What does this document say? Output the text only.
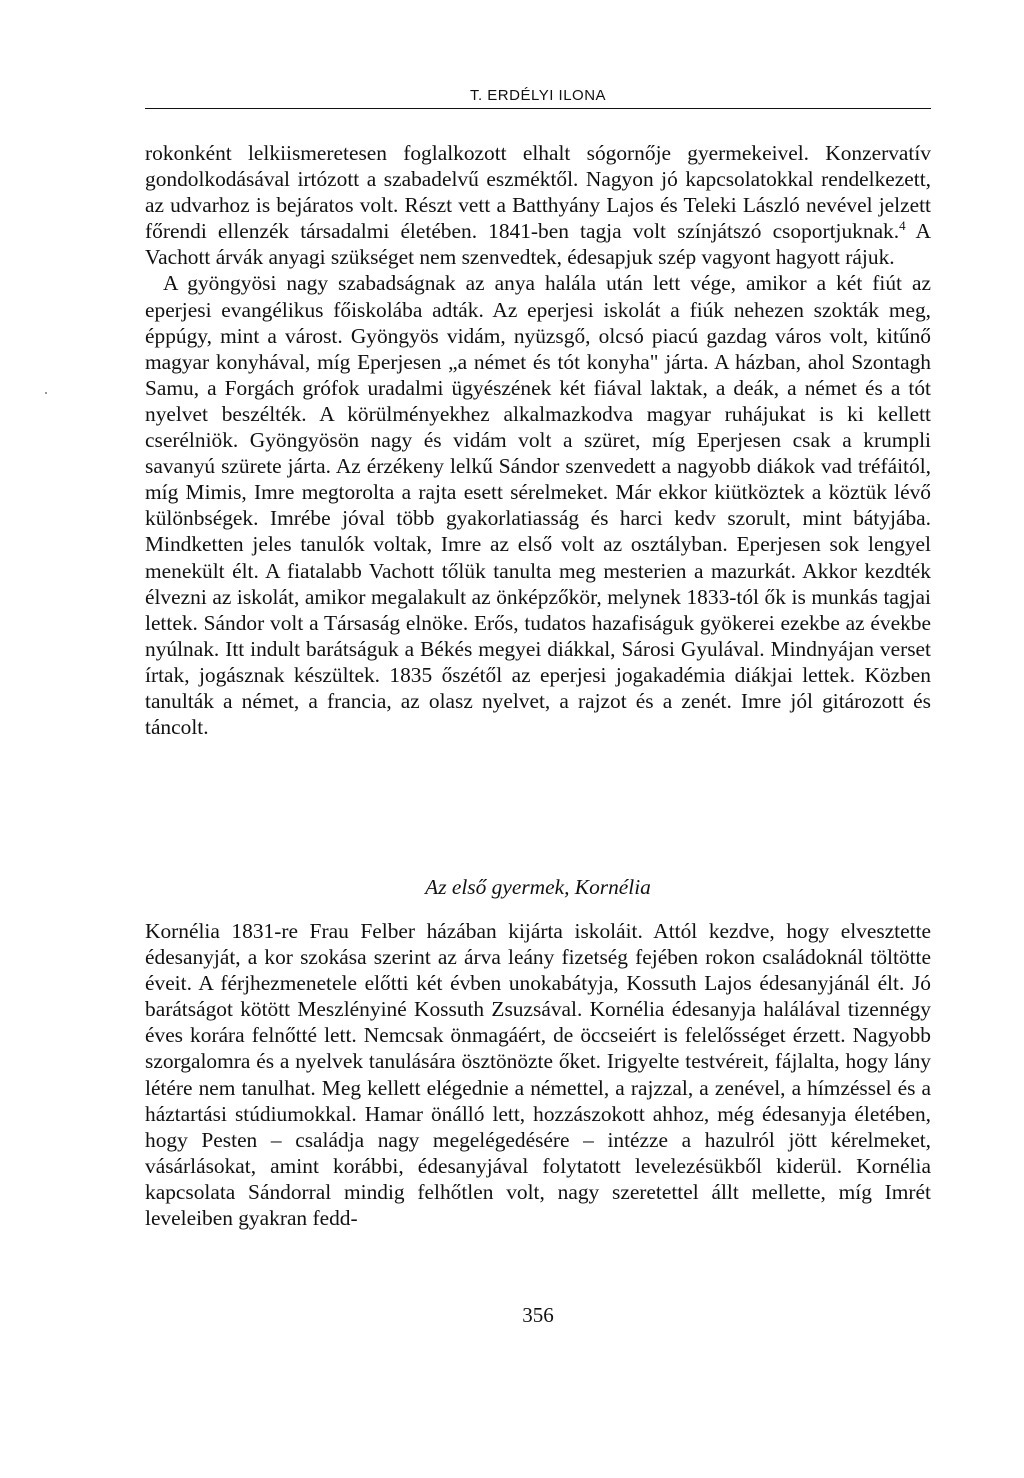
T. ERDÉLYI ILONA

rokonként lelkiismeretesen foglalkozott elhalt sógornője gyermekeivel. Konzervatív gondolkodásával irtózott a szabadelvű eszméktől. Nagyon jó kapcsolatokkal rendelkezett, az udvarhoz is bejáratos volt. Részt vett a Batthyány Lajos és Teleki László nevével jelzett főrendi ellenzék társadalmi életében. 1841-ben tagja volt színjátszó csoportjuknak.$^4$ A Vachott árvák anyagi szükséget nem szenvedtek, édesapjuk szép vagyont hagyott rájuk.

A gyöngyösi nagy szabadságnak az anya halála után lett vége, amikor a két fiút az eperjesi evangélikus főiskolába adták. Az eperjesi iskolát a fiúk nehezen szokták meg, éppúgy, mint a várost. Gyöngyös vidám, nyüzsgő, olcsó piacú gazdag város volt, kitűnő magyar konyhával, míg Eperjesen „a német és tót konyha" járta. A házban, ahol Szontagh Samu, a Forgách grófok uradalmi ügyészének két fiával laktak, a deák, a német és a tót nyelvet beszélték. A körülményekhez alkalmazkodva magyar ruhájukat is ki kellett cserélniök. Gyöngyösön nagy és vidám volt a szüret, míg Eperjesen csak a krumpli savanyú szürete járta. Az érzékeny lelkű Sándor szenvedett a nagyobb diákok vad tréfáitól, míg Mimis, Imre megtorolta a rajta esett sérelmeket. Már ekkor kiütköztek a köztük lévő különbségek. Imrébe jóval több gyakorlatiasság és harci kedv szorult, mint bátyjába. Mindketten jeles tanulók voltak, Imre az első volt az osztályban. Eperjesen sok lengyel menekült élt. A fiatalabb Vachott tőlük tanulta meg mesterien a mazurkát. Akkor kezdték élvezni az iskolát, amikor megalakult az önképzőkör, melynek 1833-tól ők is munkás tagjai lettek. Sándor volt a Társaság elnöke. Erős, tudatos hazafiságuk gyökerei ezekbe az évekbe nyúlnak. Itt indult barátságuk a Békés megyei diákkal, Sárosi Gyulával. Mindnyájan verset írtak, jogásznak készültek. 1835 őszétől az eperjesi jogakadémia diákjai lettek. Közben tanulták a német, a francia, az olasz nyelvet, a rajzot és a zenét. Imre jól gitározott és táncolt.

Az első gyermek, Kornélia

Kornélia 1831-re Frau Felber házában kijárta iskoláit. Attól kezdve, hogy elvesztette édesanyját, a kor szokása szerint az árva leány fizetség fejében rokon családoknál töltötte éveit. A férjhezmenetele előtti két évben unokabátyja, Kossuth Lajos édesanyjánál élt. Jó barátságot kötött Meszlényiné Kossuth Zsuzsával. Kornélia édesanyja halálával tizennégy éves korára felnőtté lett. Nemcsak önmagáért, de öccseiért is felelősséget érzett. Nagyobb szorgalomra és a nyelvek tanulására ösztönözte őket. Irigyelte testvéreit, fájlalta, hogy lány létére nem tanulhat. Meg kellett elégednie a némettel, a rajzzal, a zenével, a hímzéssel és a háztartási stúdiumokkal. Hamar önálló lett, hozzászokott ahhoz, még édesanyja életében, hogy Pesten – családja nagy megelégedésére – intézze a hazulról jött kérelmeket, vásárlásokat, amint korábbi, édesanyjával folytatott levelezésükből kiderül. Kornélia kapcsolata Sándorral mindig felhőtlen volt, nagy szeretettel állt mellette, míg Imrét leveleiben gyakran fedd-

356
